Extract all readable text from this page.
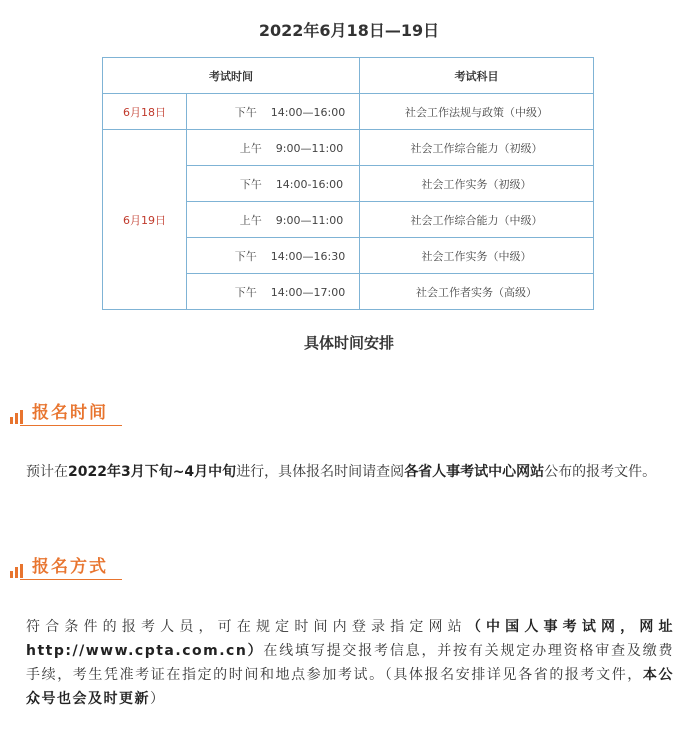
2022年6月18日—19日
考试时间		考试科目
6月18日	下午 14:00—16:00	社会工作法规与政策（中级）
6月19日	上午 9:00—11:00	社会工作综合能力（初级）
	下午 14:00-16:00	社会工作实务（初级）
	上午 9:00—11:00	社会工作综合能力（中级）
	下午 14:00—16:30	社会工作实务（中级）
	下午 14:00—17:00	社会工作者实务（高级）
具体时间安排
报名时间
预计在2022年3月下旬~4月中旬进行，具体报名时间请查阅各省人事考试中心网站公布的报考文件。
报名方式
符合条件的报考人员，可在规定时间内登录指定网站（中国人事考试网，网址http://www.cpta.com.cn）在线填写提交报考信息，并按有关规定办理资格审查及缴费手续，考生凭准考证在指定的时间和地点参加考试。（具体报名安排详见各省的报考文件，本公众号也会及时更新）
